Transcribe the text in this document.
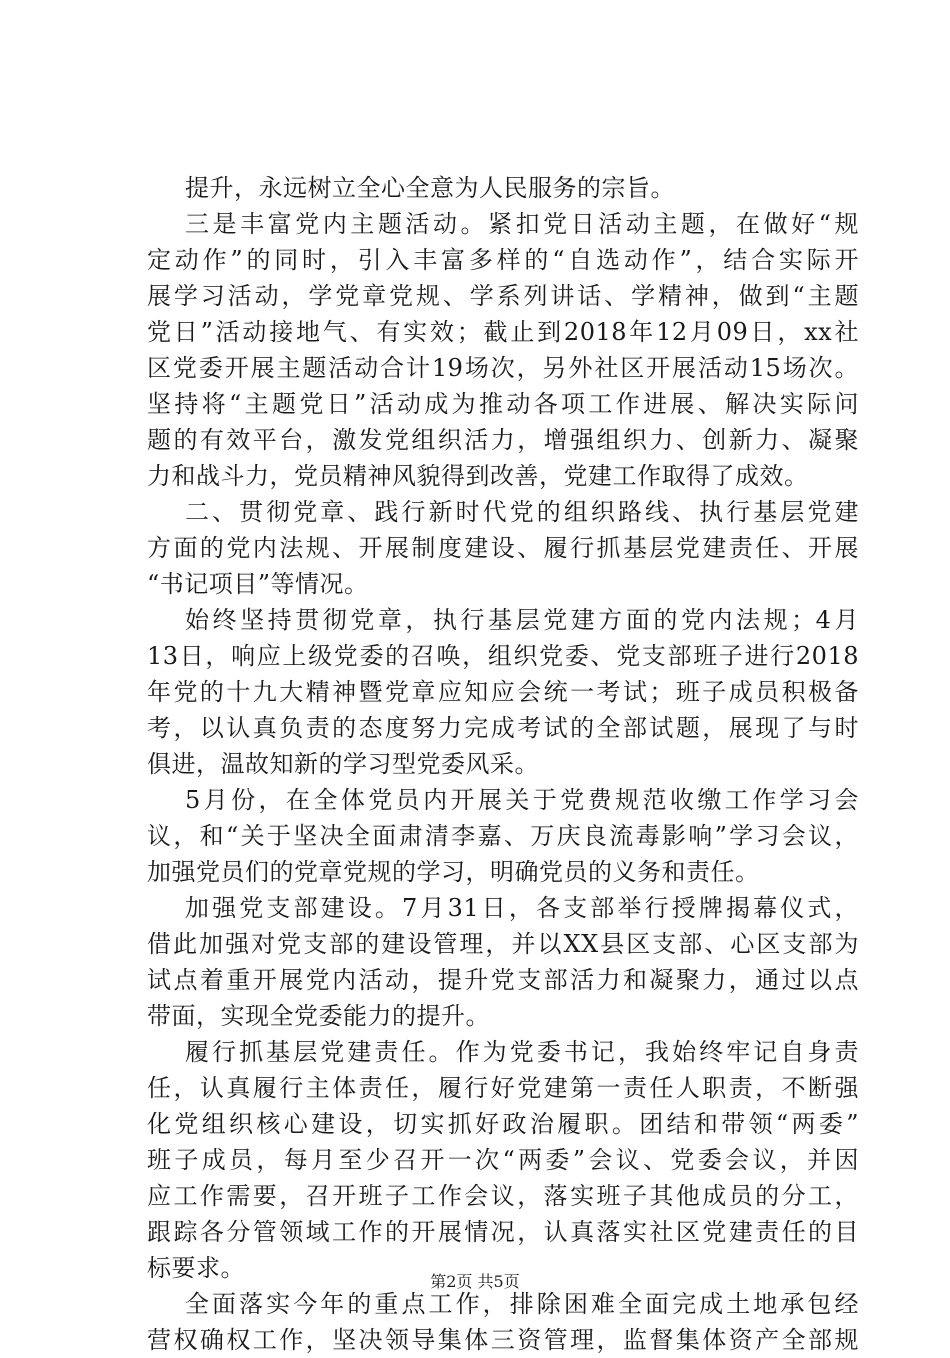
提升，永远树立全心全意为人民服务的宗旨。
三是丰富党内主题活动。紧扣党日活动主题，在做好“规
定动作”的同时，引入丰富多样的“自选动作”，结合实际开
展学习活动，学党章党规、学系列讲话、学精神，做到“主题
党日”活动接地气、有实效；截止到2018年12月09日，xx社
区党委开展主题活动合计19场次，另外社区开展活动15场次。
坚持将“主题党日”活动成为推动各项工作进展、解决实际问
题的有效平台，激发党组织活力，增强组织力、创新力、凝聚
力和战斗力，党员精神风貌得到改善，党建工作取得了成效。
二、贯彻党章、践行新时代党的组织路线、执行基层党建
方面的党内法规、开展制度建设、履行抓基层党建责任、开展
“书记项目”等情况。
始终坚持贯彻党章，执行基层党建方面的党内法规；4月
13日，响应上级党委的召唤，组织党委、党支部班子进行2018
年党的十九大精神暨党章应知应会统一考试；班子成员积极备
考，以认真负责的态度努力完成考试的全部试题，展现了与时
俱进，温故知新的学习型党委风采。
5月份，在全体党员内开展关于党费规范收缴工作学习会
议，和“关于坚决全面肃清李嘉、万庆良流毒影响”学习会议，
加强党员们的党章党规的学习，明确党员的义务和责任。
加强党支部建设。7月31日，各支部举行授牌揭幕仪式，
借此加强对党支部的建设管理，并以XX县区支部、心区支部为
试点着重开展党内活动，提升党支部活力和凝聚力，通过以点
带面，实现全党委能力的提升。
履行抓基层党建责任。作为党委书记，我始终牢记自身责
任，认真履行主体责任，履行好党建第一责任人职责，不断强
化党组织核心建设，切实抓好政治履职。团结和带领“两委”
班子成员，每月至少召开一次“两委”会议、党委会议，并因
应工作需要，召开班子工作会议，落实班子其他成员的分工，
跟踪各分管领域工作的开展情况，认真落实社区党建责任的目
标要求。
全面落实今年的重点工作，排除困难全面完成土地承包经
营权确权工作，坚决领导集体三资管理，监督集体资产全部规
第2页 共5页
